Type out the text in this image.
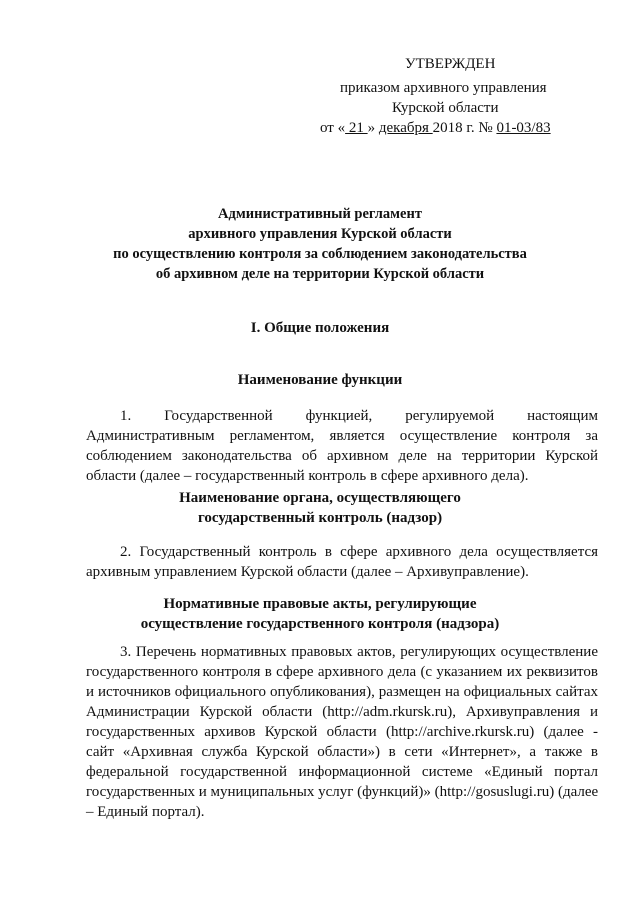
УТВЕРЖДЕН
приказом архивного управления
Курской области
от « 21 » декабря 2018 г. № 01-03/83
Административный регламент
архивного управления Курской области
по осуществлению контроля за соблюдением законодательства
об архивном деле на территории Курской области
I. Общие положения
Наименование функции
1. Государственной функцией, регулируемой настоящим
Административным регламентом, является осуществление контроля за
соблюдением законодательства об архивном деле на территории Курской
области (далее – государственный контроль в сфере архивного дела).
Наименование органа, осуществляющего
государственный контроль (надзор)
2. Государственный контроль в сфере архивного дела осуществляется
архивным управлением Курской области (далее – Архивуправление).
Нормативные правовые акты, регулирующие
осуществление государственного контроля (надзора)
3. Перечень нормативных правовых актов, регулирующих осуществление
государственного контроля в сфере архивного дела (с указанием их реквизитов
и источников официального опубликования), размещен на официальных сайтах
Администрации Курской области (http://adm.rkursk.ru), Архивуправления и
государственных архивов Курской области (http://archive.rkursk.ru) (далее -
сайт «Архивная служба Курской области») в сети «Интернет», а также в
федеральной государственной информационной системе «Единый портал
государственных и муниципальных услуг (функций)» (http://gosuslugi.ru) (далее
– Единый портал).
